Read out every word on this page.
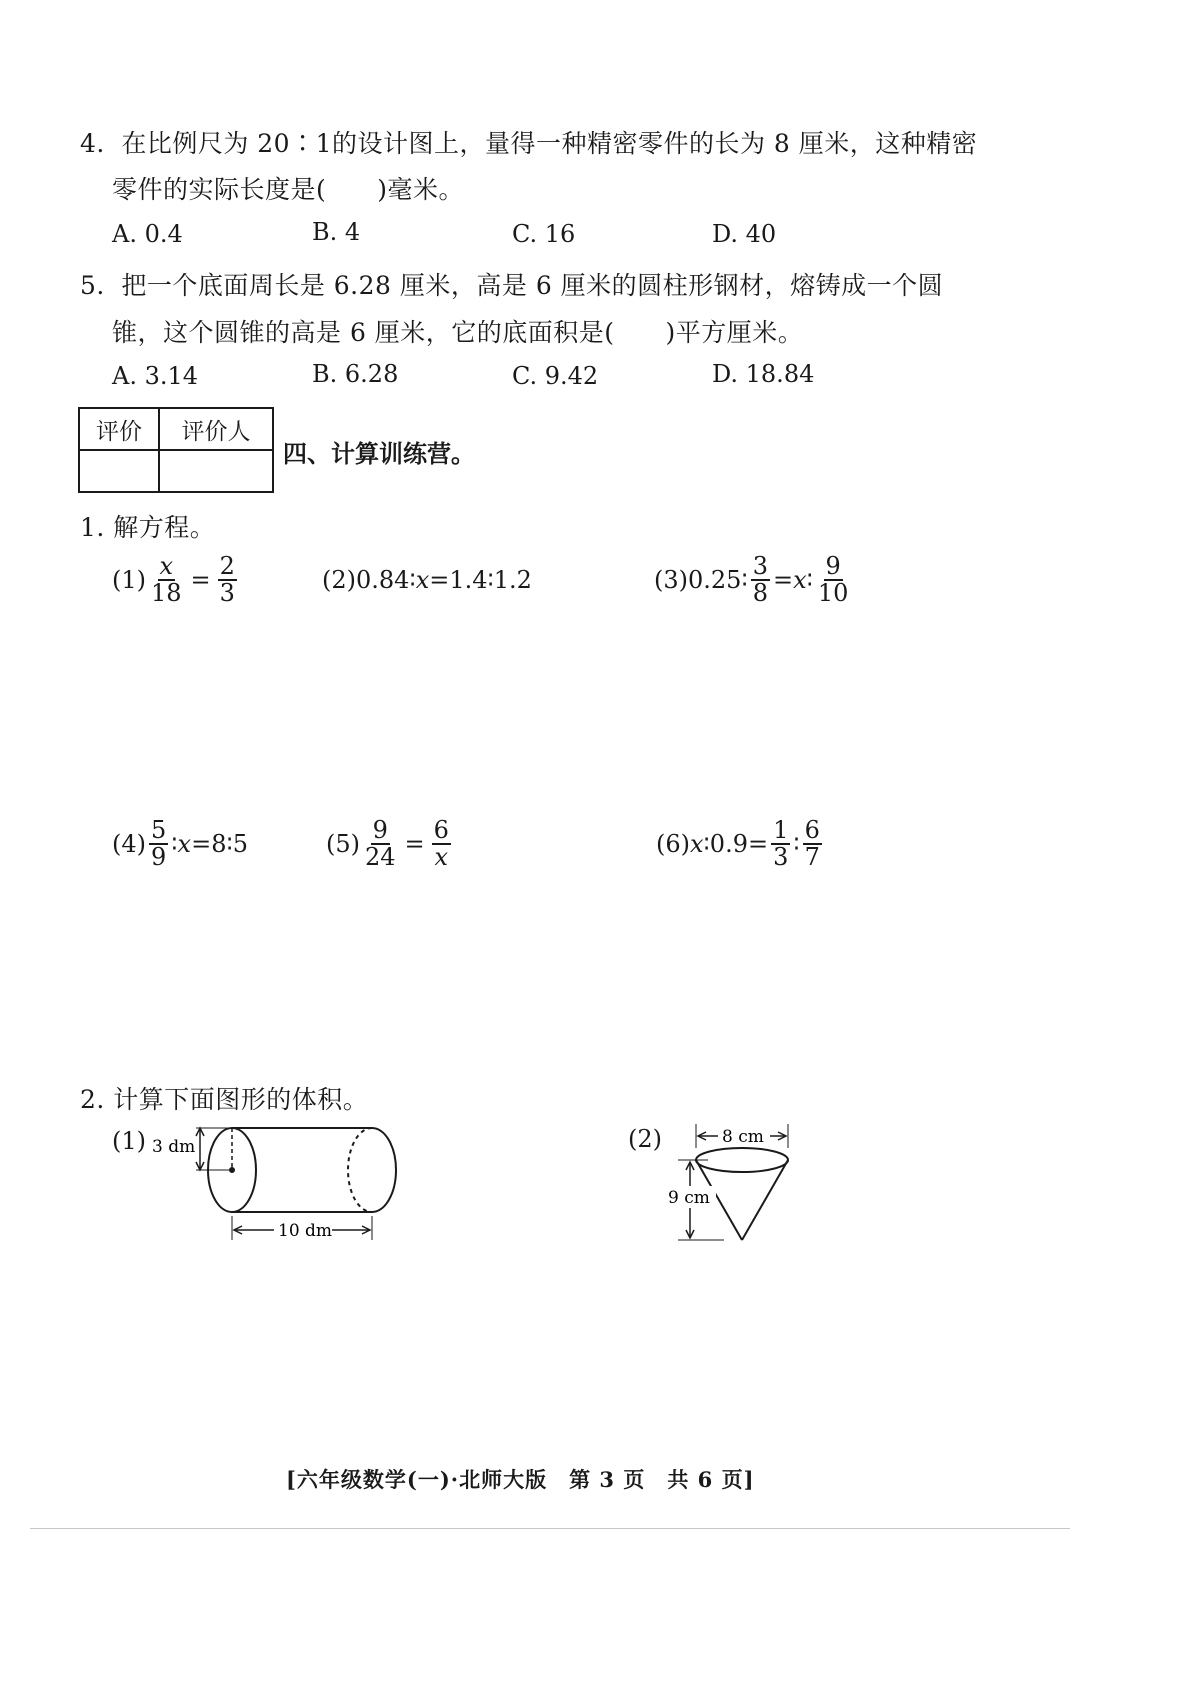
4. 在比例尺为 20∶1的设计图上，量得一种精密零件的长为 8 厘米，这种精密
零件的实际长度是(　　)毫米。
A. 0.4	B. 4	C. 16	D. 40
5. 把一个底面周长是 6.28 厘米，高是 6 厘米的圆柱形钢材，熔铸成一个圆
锥，这个圆锥的高是 6 厘米，它的底面积是(　　)平方厘米。
A. 3.14	B. 6.28	C. 9.42	D. 18.84
评价	评价人

四、计算训练营。
1. 解方程。
$(1) \frac{x}{18} = \frac{2}{3}$	(2) 0.84∶ x =1.4∶1.2	(3) 0.25∶ $\frac{3}{8} = x$ ∶ $\frac{9}{10}$
$(4) \frac{5}{9}$ ∶ x =8∶5	$(5) \frac{9}{24} = \frac{6}{x}$	(6) x ∶0.9= $\frac{1}{3}$ ∶ $\frac{6}{7}$
2. 计算下面图形的体积。
(1) 3 dm
10 dm
(2)	8 cm
9 cm
[六年级数学(一)·北师大版　第 3 页　共 6 页]
